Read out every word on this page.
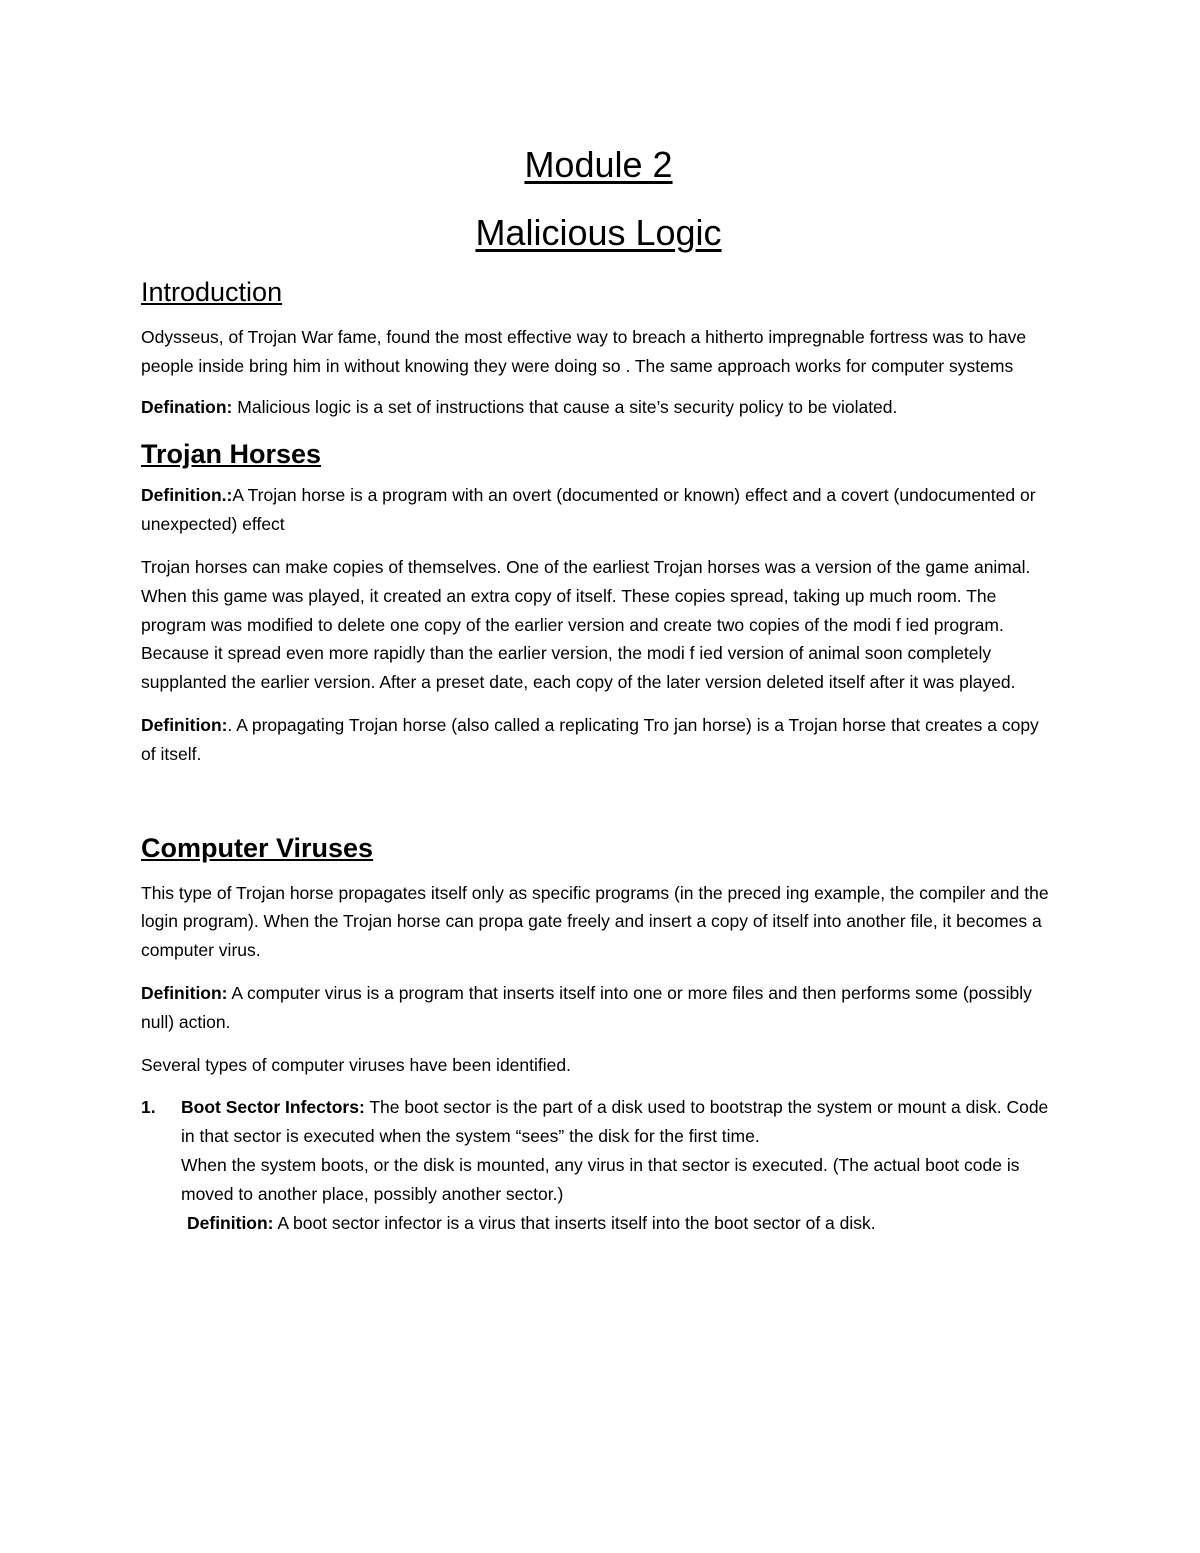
Module 2
Malicious Logic
Introduction

Odysseus, of Trojan War fame, found the most effective way to breach a hitherto impregnable fortress was to have people inside bring him in without knowing they were doing so . The same approach works for computer systems

Defination: Malicious logic is a set of instructions that cause a site’s security policy to be violated.

Trojan Horses

Definition.:A Trojan horse is a program with an overt (documented or known) effect and a covert (undocumented or unexpected) effect

Trojan horses can make copies of themselves. One of the earliest Trojan horses was a version of the game animal. When this game was played, it created an extra copy of itself. These copies spread, taking up much room. The program was modified to delete one copy of the earlier version and create two copies of the modi f ied program. Because it spread even more rapidly than the earlier version, the modi f ied version of animal soon completely supplanted the earlier version. After a preset date, each copy of the later version deleted itself after it was played.

Definition:. A propagating Trojan horse (also called a replicating Tro jan horse) is a Trojan horse that creates a copy of itself.

Computer Viruses

This type of Trojan horse propagates itself only as specific programs (in the preced ing example, the compiler and the login program). When the Trojan horse can propa gate freely and insert a copy of itself into another file, it becomes a computer virus.

Definition: A computer virus is a program that inserts itself into one or more files and then performs some (possibly null) action.

Several types of computer viruses have been identified.

1.	Boot Sector Infectors: The boot sector is the part of a disk used to bootstrap the system or mount a disk. Code in that sector is executed when the system “sees” the disk for the first time.
When the system boots, or the disk is mounted, any virus in that sector is executed. (The actual boot code is moved to another place, possibly another sector.)
Definition: A boot sector infector is a virus that inserts itself into the boot sector of a disk.
